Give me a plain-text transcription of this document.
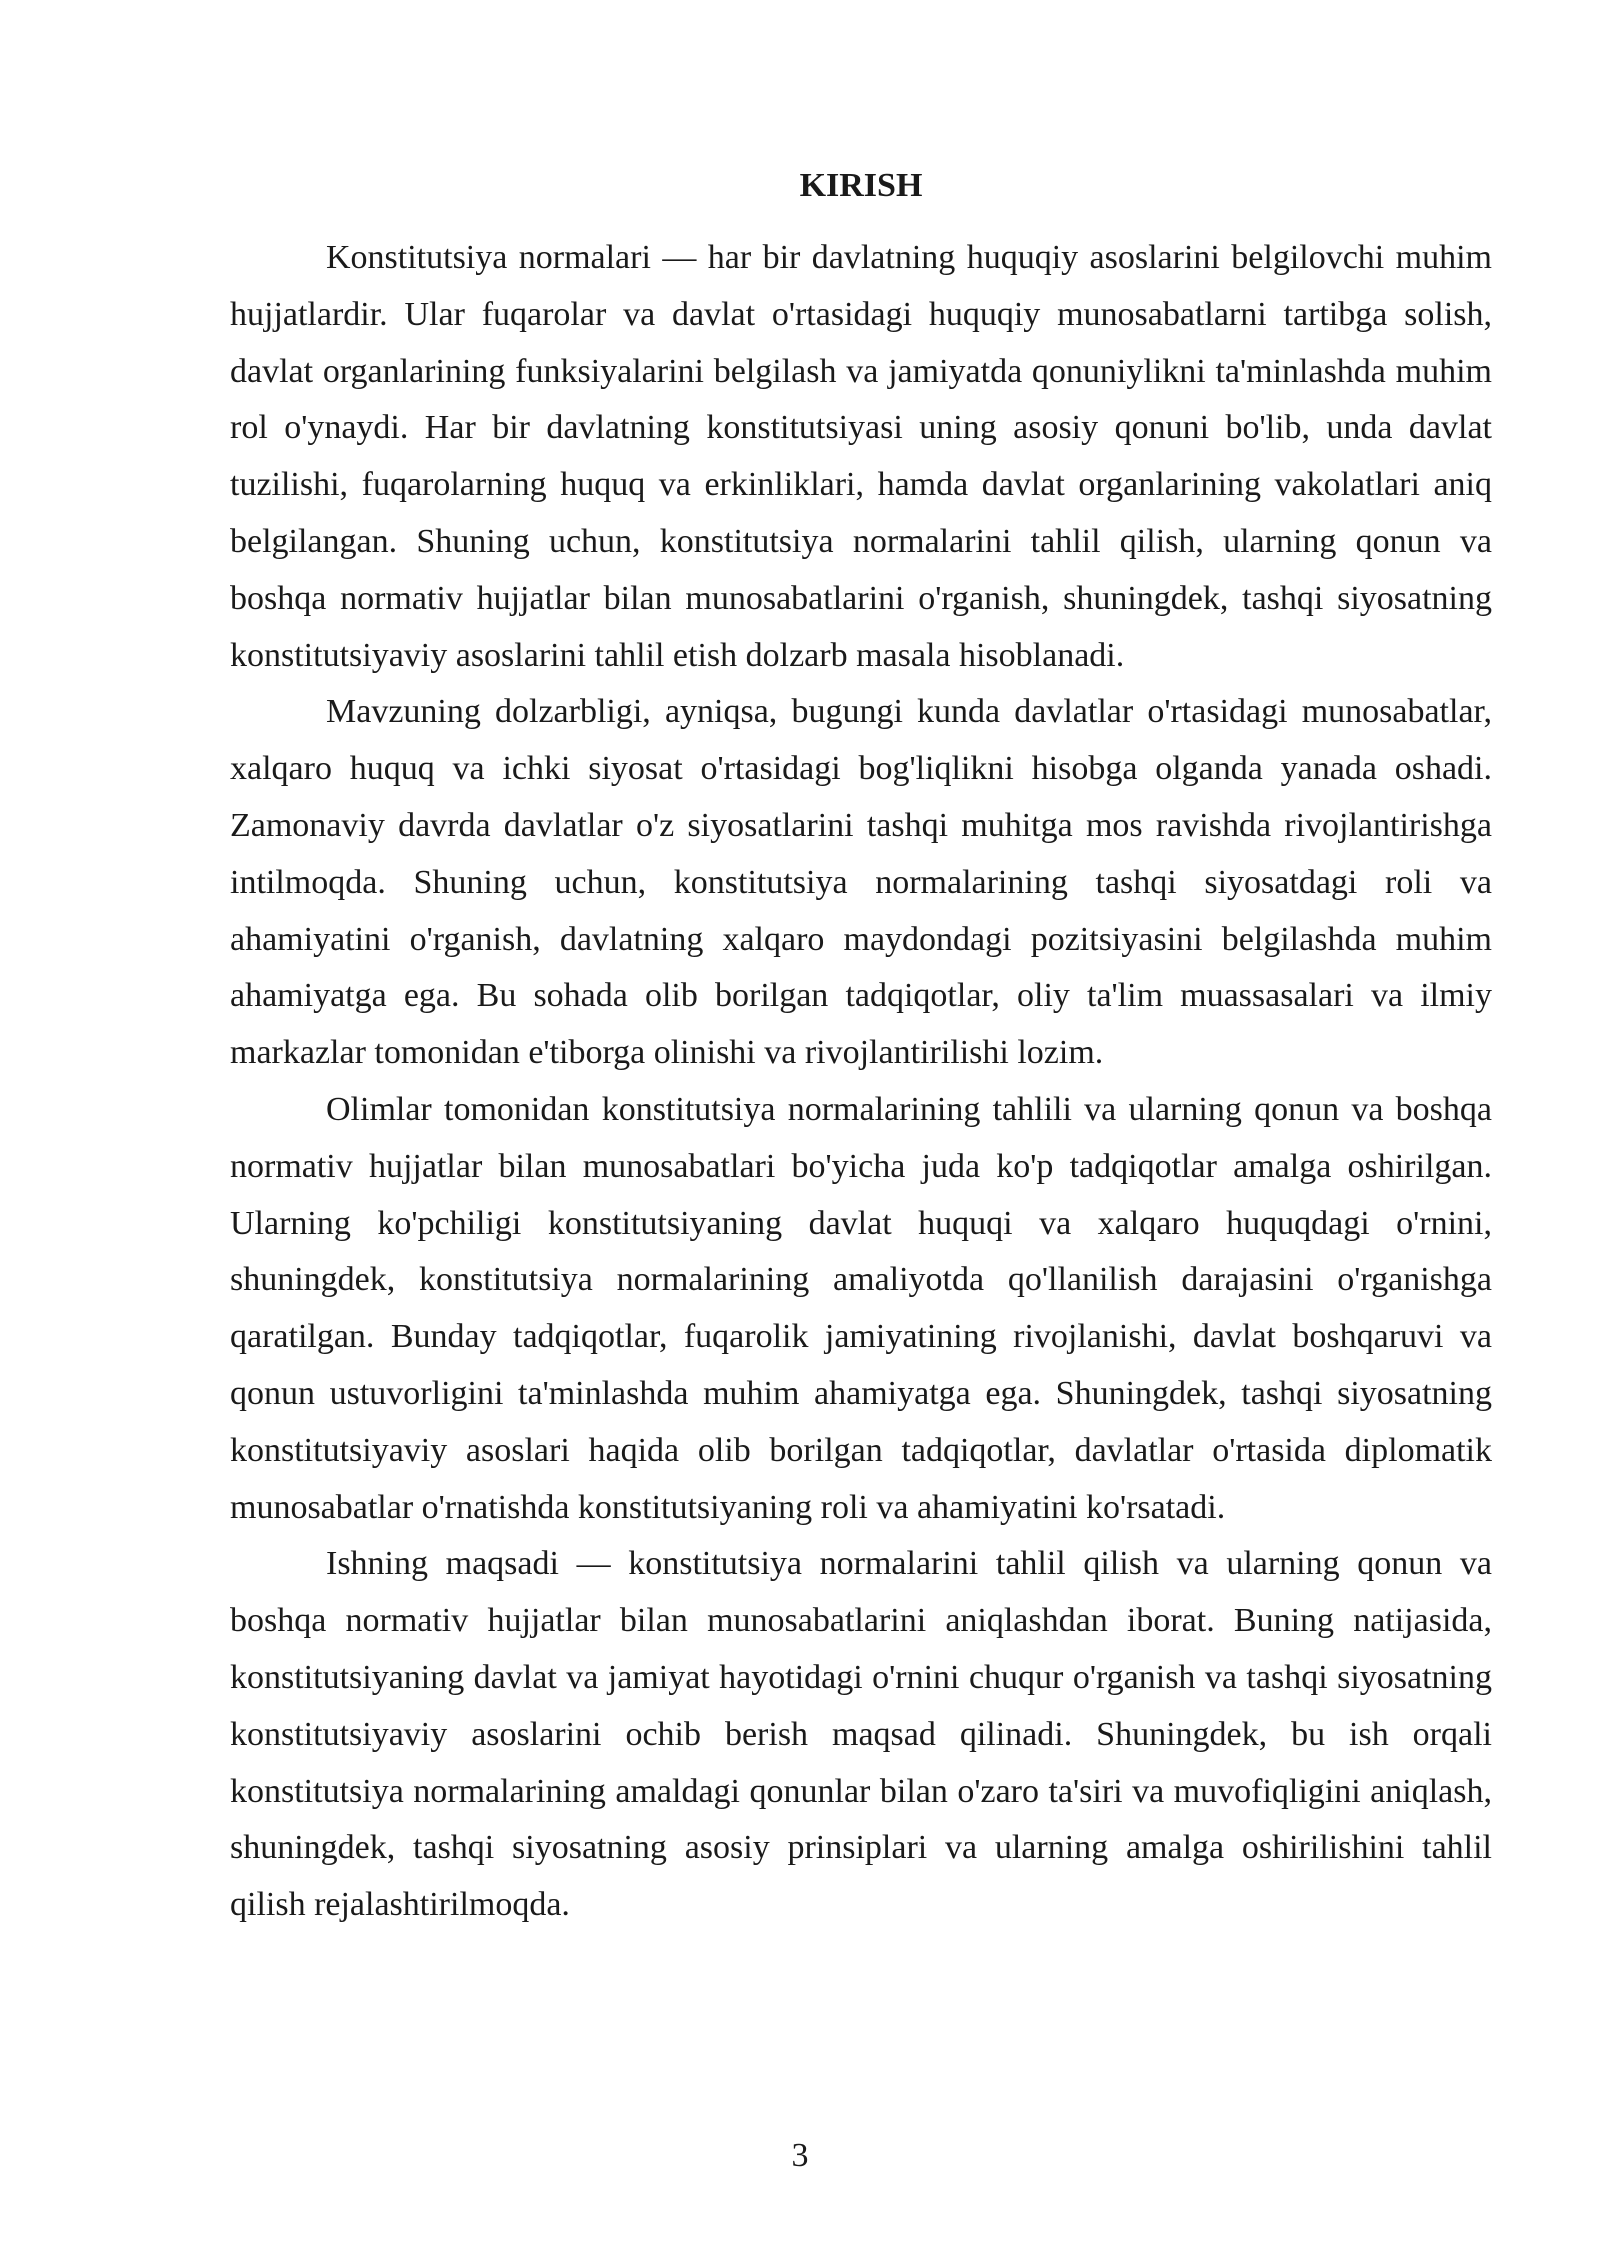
KIRISH

Konstitutsiya normalari — har bir davlatning huquqiy asoslarini belgilovchi muhim hujjatlardir. Ular fuqarolar va davlat o'rtasidagi huquqiy munosabatlarni tartibga solish, davlat organlarining funksiyalarini belgilash va jamiyatda qonuniylikni ta'minlashda muhim rol o'ynaydi. Har bir davlatning konstitutsiyasi uning asosiy qonuni bo'lib, unda davlat tuzilishi, fuqarolarning huquq va erkinliklari, hamda davlat organlarining vakolatlari aniq belgilangan. Shuning uchun, konstitutsiya normalarini tahlil qilish, ularning qonun va boshqa normativ hujjatlar bilan munosabatlarini o'rganish, shuningdek, tashqi siyosatning konstitutsiyaviy asoslarini tahlil etish dolzarb masala hisoblanadi.

Mavzuning dolzarbligi, ayniqsa, bugungi kunda davlatlar o'rtasidagi munosabatlar, xalqaro huquq va ichki siyosat o'rtasidagi bog'liqlikni hisobga olganda yanada oshadi. Zamonaviy davrda davlatlar o'z siyosatlarini tashqi muhitga mos ravishda rivojlantirishga intilmoqda. Shuning uchun, konstitutsiya normalarining tashqi siyosatdagi roli va ahamiyatini o'rganish, davlatning xalqaro maydondagi pozitsiyasini belgilashda muhim ahamiyatga ega. Bu sohada olib borilgan tadqiqotlar, oliy ta'lim muassasalari va ilmiy markazlar tomonidan e'tiborga olinishi va rivojlantirilishi lozim.

Olimlar tomonidan konstitutsiya normalarining tahlili va ularning qonun va boshqa normativ hujjatlar bilan munosabatlari bo'yicha juda ko'p tadqiqotlar amalga oshirilgan. Ularning ko'pchiligi konstitutsiyaning davlat huquqi va xalqaro huquqdagi o'rnini, shuningdek, konstitutsiya normalarining amaliyotda qo'llanilish darajasini o'rganishga qaratilgan. Bunday tadqiqotlar, fuqarolik jamiyatining rivojlanishi, davlat boshqaruvi va qonun ustuvorligini ta'minlashda muhim ahamiyatga ega. Shuningdek, tashqi siyosatning konstitutsiyaviy asoslari haqida olib borilgan tadqiqotlar, davlatlar o'rtasida diplomatik munosabatlar o'rnatishda konstitutsiyaning roli va ahamiyatini ko'rsatadi.

Ishning maqsadi — konstitutsiya normalarini tahlil qilish va ularning qonun va boshqa normativ hujjatlar bilan munosabatlarini aniqlashdan iborat. Buning natijasida, konstitutsiyaning davlat va jamiyat hayotidagi o'rnini chuqur o'rganish va tashqi siyosatning konstitutsiyaviy asoslarini ochib berish maqsad qilinadi. Shuningdek, bu ish orqali konstitutsiya normalarining amaldagi qonunlar bilan o'zaro ta'siri va muvofiqligini aniqlash, shuningdek, tashqi siyosatning asosiy prinsiplari va ularning amalga oshirilishini tahlil qilish rejalashtirilmoqda.

3
